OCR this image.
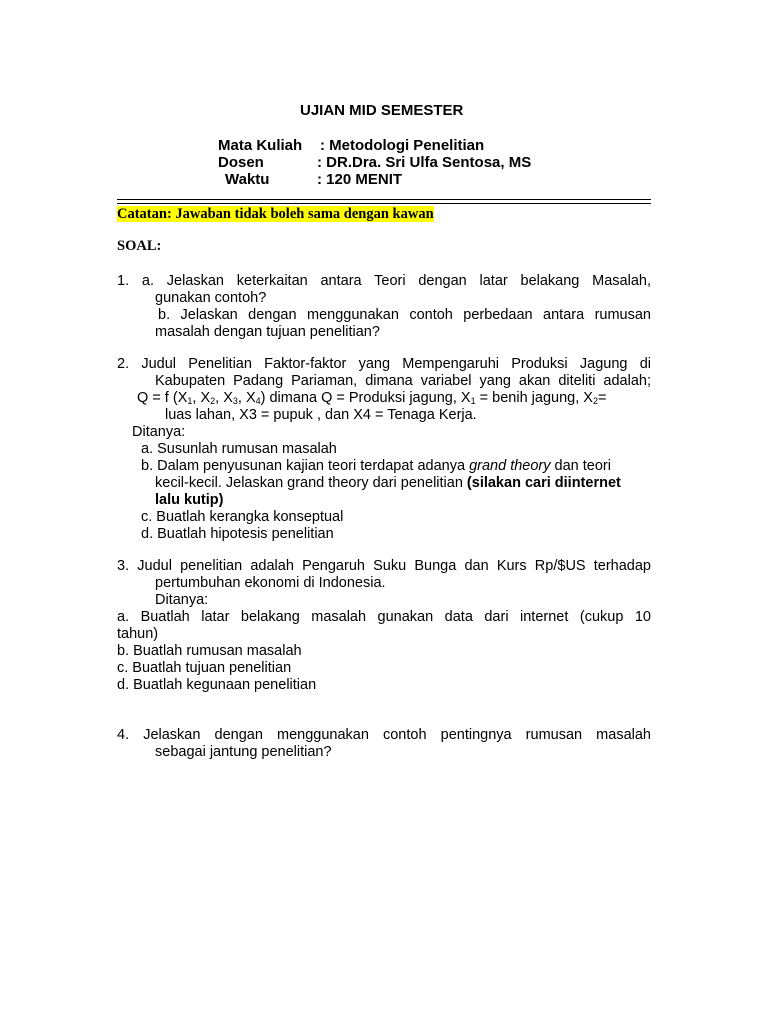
UJIAN MID SEMESTER
Mata Kuliah : Metodologi Penelitian
Dosen	: DR.Dra. Sri Ulfa Sentosa, MS
Waktu	: 120 MENIT
Catatan: Jawaban tidak boleh sama dengan kawan
SOAL:
1. a. Jelaskan keterkaitan antara Teori dengan latar belakang Masalah,
gunakan contoh?
b. Jelaskan dengan menggunakan contoh perbedaan antara rumusan
masalah dengan tujuan penelitian?
2. Judul Penelitian Faktor-faktor yang Mempengaruhi Produksi Jagung di
Kabupaten Padang Pariaman, dimana variabel yang akan diteliti adalah;
Q = f ($X_1$, $X_2$, $X_3$, $X_4$) dimana Q = Produksi jagung, $X_1$ = benih jagung, $X_2=$
luas lahan, X3 = pupuk , dan X4 = Tenaga Kerja.
Ditanya:
a. Susunlah rumusan masalah
b. Dalam penyusunan kajian teori terdapat adanya grand theory dan teori
kecil-kecil. Jelaskan grand theory dari penelitian (silakan cari diinternet
lalu kutip)
c. Buatlah kerangka konseptual
d. Buatlah hipotesis penelitian
3. Judul penelitian adalah Pengaruh Suku Bunga dan Kurs Rp/$US terhadap
pertumbuhan ekonomi di Indonesia.
Ditanya:
a. Buatlah latar belakang masalah gunakan data dari internet (cukup 10
tahun)
b. Buatlah rumusan masalah
c. Buatlah tujuan penelitian
d. Buatlah kegunaan penelitian
4. Jelaskan dengan menggunakan contoh pentingnya rumusan masalah
sebagai jantung penelitian?
